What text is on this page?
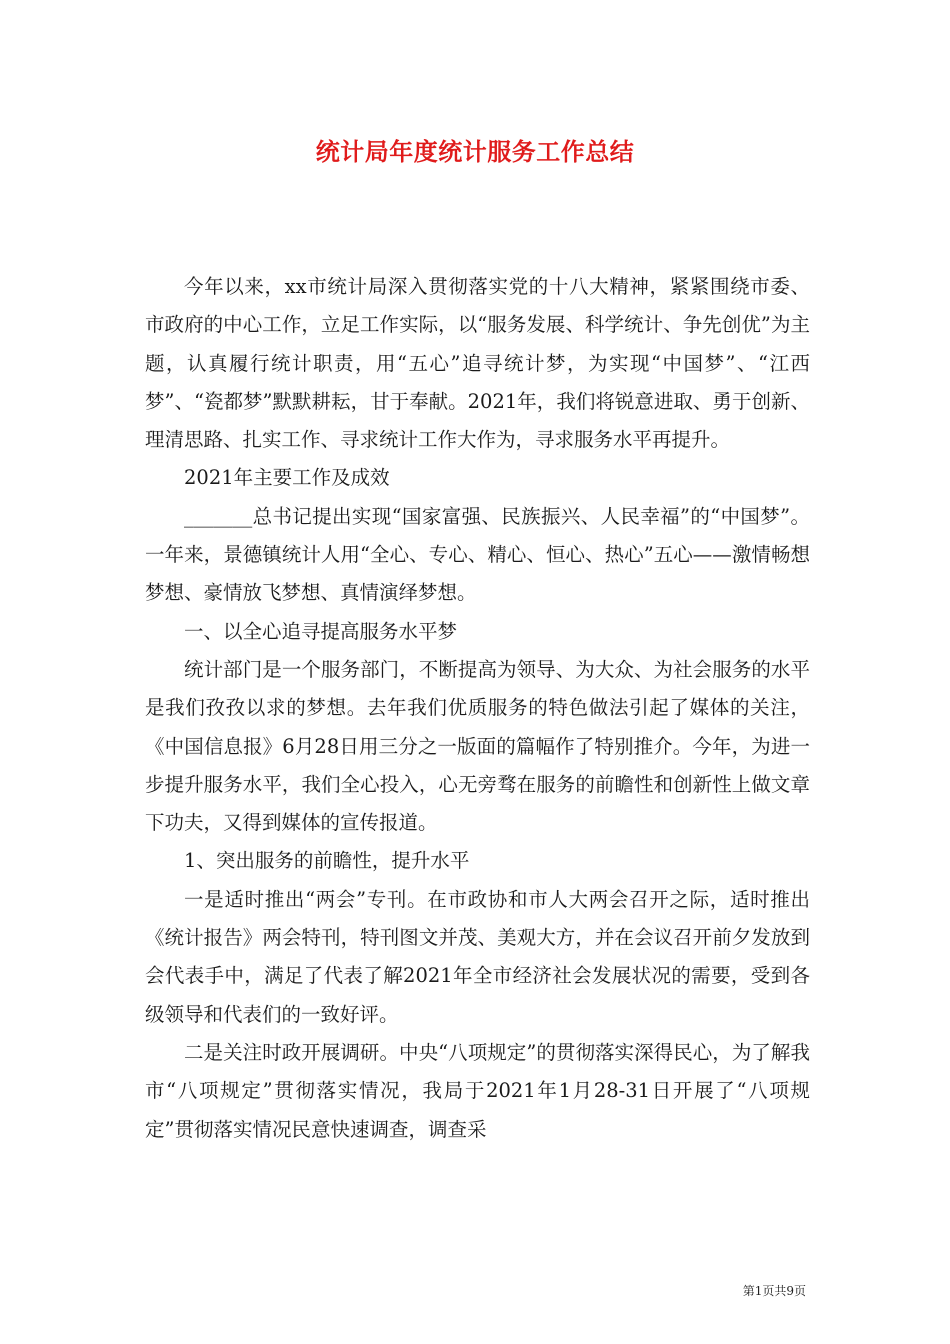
统计局年度统计服务工作总结

今年以来，xx市统计局深入贯彻落实党的十八大精神，紧紧围绕市委、市政府的中心工作，立足工作实际，以“服务发展、科学统计、争先创优”为主题，认真履行统计职责，用“五心”追寻统计梦，为实现“中国梦”、“江西梦”、“瓷都梦”默默耕耘，甘于奉献。2021年，我们将锐意进取、勇于创新、理清思路、扎实工作、寻求统计工作大作为，寻求服务水平再提升。

2021年主要工作及成效

_______总书记提出实现“国家富强、民族振兴、人民幸福”的“中国梦”。一年来，景德镇统计人用“全心、专心、精心、恒心、热心”五心——激情畅想梦想、豪情放飞梦想、真情演绎梦想。

一、以全心追寻提高服务水平梦

统计部门是一个服务部门，不断提高为领导、为大众、为社会服务的水平是我们孜孜以求的梦想。去年我们优质服务的特色做法引起了媒体的关注，《中国信息报》6月28日用三分之一版面的篇幅作了特别推介。今年，为进一步提升服务水平，我们全心投入，心无旁骛在服务的前瞻性和创新性上做文章下功夫，又得到媒体的宣传报道。

1、突出服务的前瞻性，提升水平

一是适时推出“两会”专刊。在市政协和市人大两会召开之际，适时推出《统计报告》两会特刊，特刊图文并茂、美观大方，并在会议召开前夕发放到会代表手中，满足了代表了解2021年全市经济社会发展状况的需要，受到各级领导和代表们的一致好评。

二是关注时政开展调研。中央“八项规定”的贯彻落实深得民心，为了解我市“八项规定”贯彻落实情况，我局于2021年1月28-31日开展了“八项规定”贯彻落实情况民意快速调查，调查采

第1页共9页
